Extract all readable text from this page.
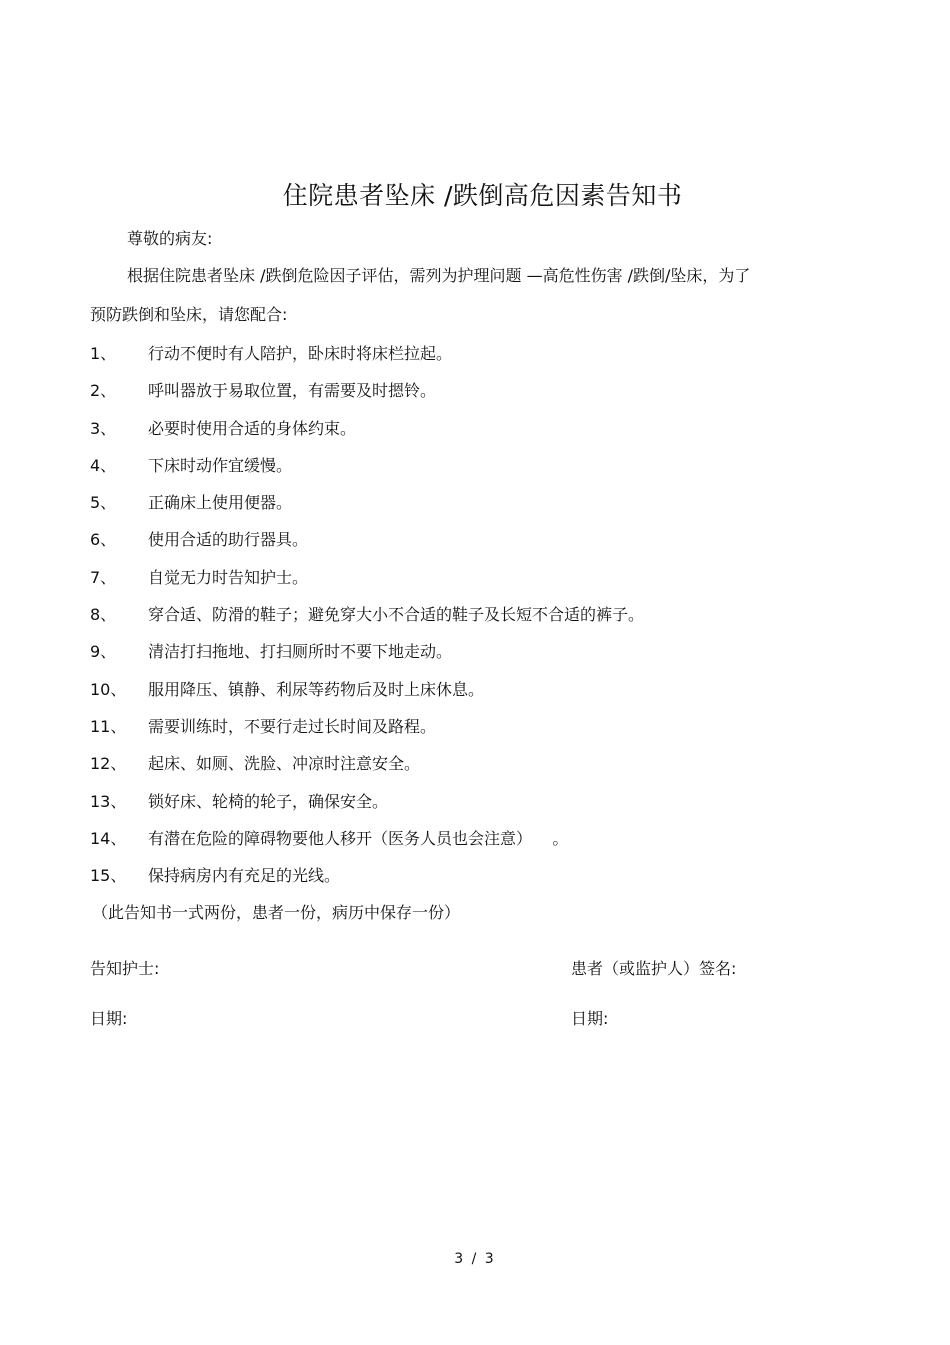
住院患者坠床 /跌倒高危因素告知书
尊敬的病友:
根据住院患者坠床 /跌倒危险因子评估，需列为护理问题 —高危性伤害 /跌倒/坠床，为了
预防跌倒和坠床，请您配合:
1、 行动不便时有人陪护，卧床时将床栏拉起。
2、 呼叫器放于易取位置，有需要及时摁铃。
3、 必要时使用合适的身体约束。
4、 下床时动作宜缓慢。
5、 正确床上使用便器。
6、 使用合适的助行器具。
7、 自觉无力时告知护士。
8、 穿合适、防滑的鞋子；避免穿大小不合适的鞋子及长短不合适的裤子。
9、 清洁打扫拖地、打扫厕所时不要下地走动。
10、 服用降压、镇静、利尿等药物后及时上床休息。
11、 需要训练时，不要行走过长时间及路程。
12、 起床、如厕、洗脸、冲凉时注意安全。
13、 锁好床、轮椅的轮子，确保安全。
14、 有潜在危险的障碍物要他人移开（医务人员也会注意）    。
15、 保持病房内有充足的光线。
（此告知书一式两份，患者一份，病历中保存一份）
告知护士:	患者（或监护人）签名:
日期:	日期:
3 / 3
